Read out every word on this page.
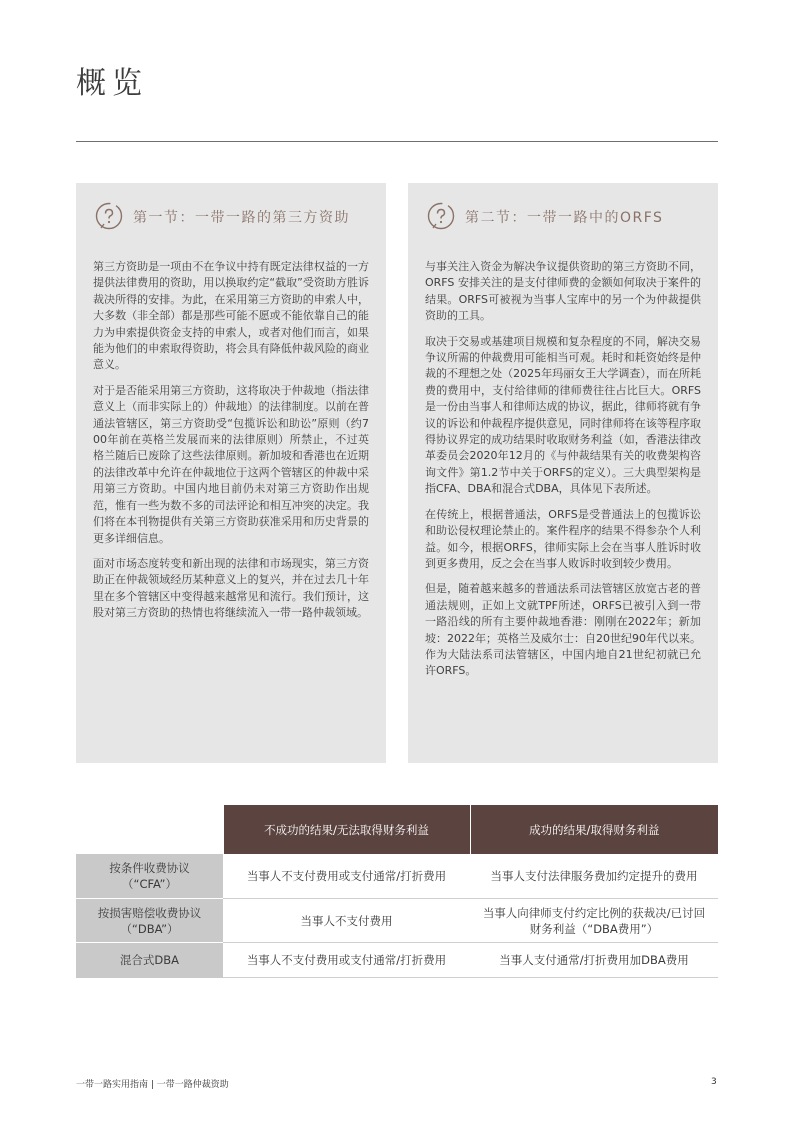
概览
第一节：一带一路的第三方资助

第三方资助是一项由不在争议中持有既定法律权益的一方提供法律费用的资助，用以换取约定“截取”受资助方胜诉裁决所得的安排。为此，在采用第三方资助的申索人中，大多数（非全部）都是那些可能不愿或不能依靠自己的能力为申索提供资金支持的申索人，或者对他们而言，如果能为他们的申索取得资助，将会具有降低仲裁风险的商业意义。

对于是否能采用第三方资助，这将取决于仲裁地（指法律意义上（而非实际上的）仲裁地）的法律制度。以前在普通法管辖区，第三方资助受“包揽诉讼和助讼”原则（约700年前在英格兰发展而来的法律原则）所禁止，不过英格兰随后已废除了这些法律原则。新加坡和香港也在近期的法律改革中允许在仲裁地位于这两个管辖区的仲裁中采用第三方资助。中国内地目前仍未对第三方资助作出规范，惟有一些为数不多的司法评论和相互冲突的决定。我们将在本刊物提供有关第三方资助获准采用和历史背景的更多详细信息。

面对市场态度转变和新出现的法律和市场现实，第三方资助正在仲裁领域经历某种意义上的复兴，并在过去几十年里在多个管辖区中变得越来越常见和流行。我们预计，这股对第三方资助的热情也将继续流入一带一路仲裁领域。

第二节：一带一路中的ORFS

与事关注入资金为解决争议提供资助的第三方资助不同，ORFS 安排关注的是支付律师费的金额如何取决于案件的结果。ORFS可被视为当事人宝库中的另一个为仲裁提供资助的工具。

取决于交易或基建项目规模和复杂程度的不同，解决交易争议所需的仲裁费用可能相当可观。耗时和耗资始终是仲裁的不理想之处（2025年玛丽女王大学调查），而在所耗费的费用中，支付给律师的律师费往往占比巨大。ORFS是一份由当事人和律师达成的协议，据此，律师将就有争议的诉讼和仲裁程序提供意见，同时律师将在该等程序取得协议界定的成功结果时收取财务利益（如，香港法律改革委员会2020年12月的《与仲裁结果有关的收费架构咨询文件》第1.2节中关于ORFS的定义）。三大典型架构是指CFA、DBA和混合式DBA，具体见下表所述。

在传统上，根据普通法，ORFS是受普通法上的包揽诉讼和助讼侵权理论禁止的。案件程序的结果不得参杂个人利益。如今，根据ORFS，律师实际上会在当事人胜诉时收到更多费用，反之会在当事人败诉时收到较少费用。

但是，随着越来越多的普通法系司法管辖区放宽古老的普通法规则，正如上文就TPF所述，ORFS已被引入到一带一路沿线的所有主要仲裁地香港：刚刚在2022年；新加坡：2022年；英格兰及威尔士：自20世纪90年代以来。作为大陆法系司法管辖区，中国内地自21世纪初就已允许ORFS。

	不成功的结果/无法取得财务利益	成功的结果/取得财务利益
按条件收费协议
（“CFA”）	当事人不支付费用或支付通常/打折费用	当事人支付法律服务费加约定提升的费用
按损害赔偿收费协议
（“DBA”）	当事人不支付费用	当事人向律师支付约定比例的获裁决/已讨回财务利益（“DBA费用”）
混合式DBA	当事人不支付费用或支付通常/打折费用	当事人支付通常/打折费用加DBA费用
一带一路实用指南 | 一带一路仲裁资助	3
